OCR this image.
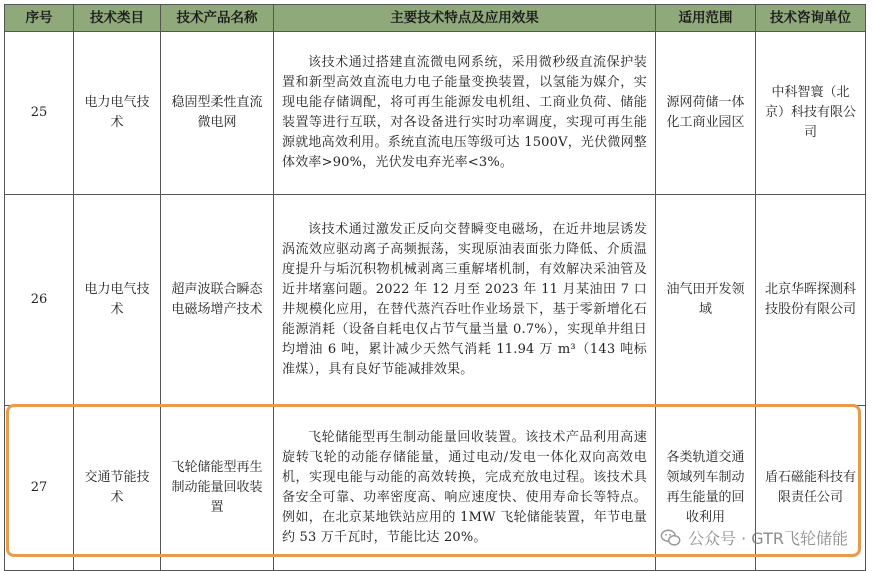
序号	技术类目	技术产品名称	主要技术特点及应用效果	适用范围	技术咨询单位
25	电力电气技术	稳固型柔性直流微电网	该技术通过搭建直流微电网系统，采用微秒级直流保护装置和新型高效直流电力电子能量变换装置，以氢能为媒介，实现电能存储调配，将可再生能源发电机组、工商业负荷、储能装置等进行互联，对各设备进行实时功率调度，实现可再生能源就地高效利用。系统直流电压等级可达 1500V，光伏微网整体效率>90%，光伏发电弃光率<3%。	源网荷储一体化工商业园区	中科智寰（北京）科技有限公司
26	电力电气技术	超声波联合瞬态电磁场增产技术	该技术通过激发正反向交替瞬变电磁场，在近井地层诱发涡流效应驱动离子高频振荡，实现原油表面张力降低、介质温度提升与垢沉积物机械剥离三重解堵机制，有效解决采油管及近井堵塞问题。2022 年 12 月至 2023 年 11 月某油田 7 口井规模化应用，在替代蒸汽吞吐作业场景下，基于零新增化石能源消耗（设备自耗电仅占节气量当量 0.7%），实现单井组日均增油 6 吨，累计减少天然气消耗 11.94 万 m³（143 吨标准煤），具有良好节能减排效果。	油气田开发领域	北京华晖探测科技股份有限公司
27	交通节能技术	飞轮储能型再生制动能量回收装置	飞轮储能型再生制动能量回收装置。该技术产品利用高速旋转飞轮的动能存储能量，通过电动/发电一体化双向高效电机，实现电能与动能的高效转换，完成充放电过程。该技术具备安全可靠、功率密度高、响应速度快、使用寿命长等特点。例如，在北京某地铁站应用的 1MW 飞轮储能装置，年节电量约 53 万千瓦时，节能比达 20%。	各类轨道交通领域列车制动再生能量的回收利用	盾石磁能科技有限责任公司
公众号 · GTR飞轮储能
